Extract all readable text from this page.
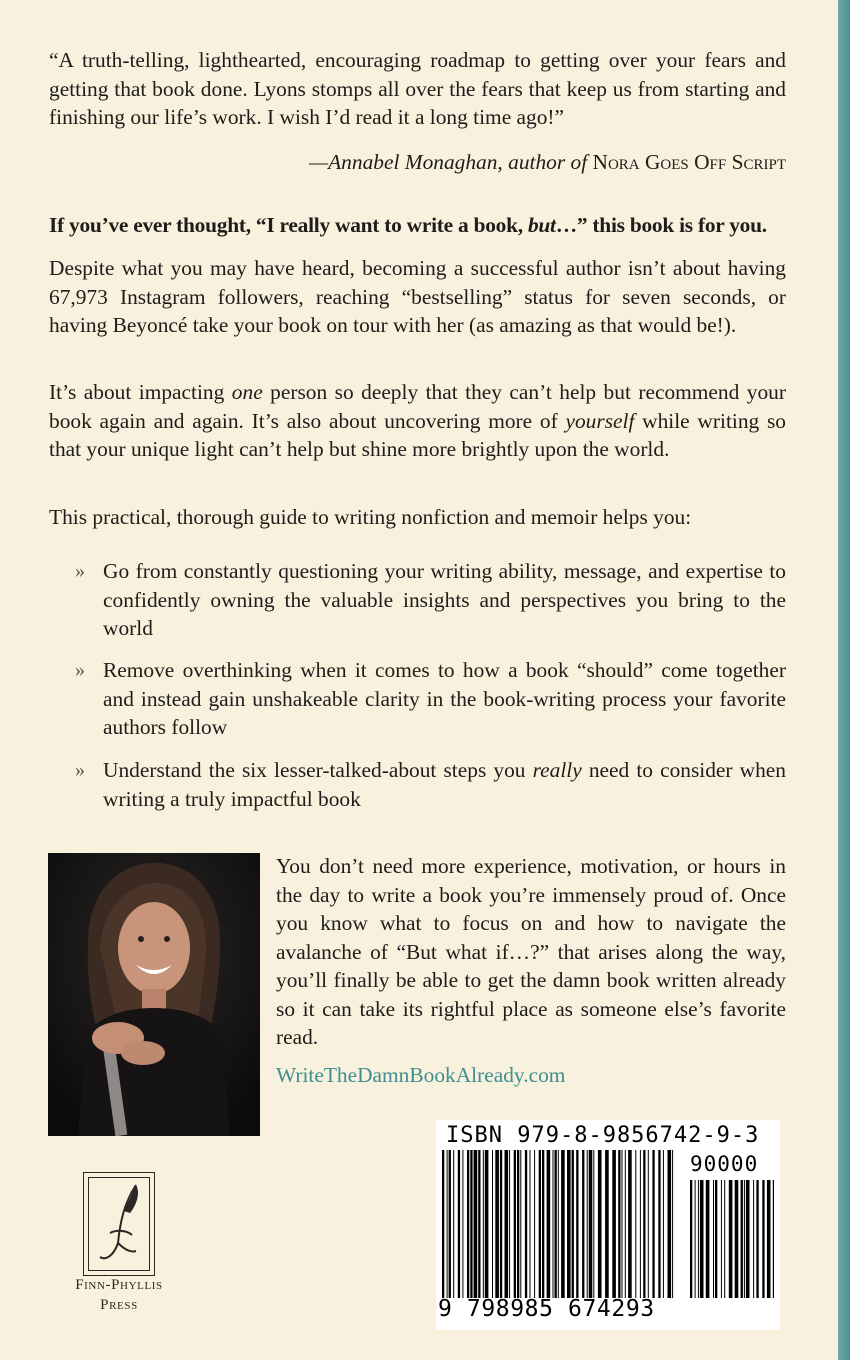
“A truth-telling, lighthearted, encouraging roadmap to getting over your fears and getting that book done. Lyons stomps all over the fears that keep us from starting and finishing our life’s work. I wish I’d read it a long time ago!”

—Annabel Monaghan, author of Nora Goes Off Script
If you’ve ever thought, “I really want to write a book, but…” this book is for you.

Despite what you may have heard, becoming a successful author isn’t about having 67,973 Instagram followers, reaching “bestselling” status for seven seconds, or having Beyoncé take your book on tour with her (as amazing as that would be!).

It’s about impacting one person so deeply that they can’t help but recommend your book again and again. It’s also about uncovering more of yourself while writing so that your unique light can’t help but shine more brightly upon the world.

This practical, thorough guide to writing nonfiction and memoir helps you:

» Go from constantly questioning your writing ability, message, and expertise to confidently owning the valuable insights and perspectives you bring to the world

» Remove overthinking when it comes to how a book “should” come together and instead gain unshakeable clarity in the book-writing process your favorite authors follow

» Understand the six lesser-talked-about steps you really need to consider when writing a truly impactful book

You don’t need more experience, motivation, or hours in the day to write a book you’re immensely proud of. Once you know what to focus on and how to navigate the avalanche of “But what if…?” that arises along the way, you’ll finally be able to get the damn book written already so it can take its rightful place as someone else’s favorite read.

WriteTheDamnBookAlready.com
Finn-Phyllis
Press
ISBN 979-8-9856742-9-3
90000
9 798985 674293
